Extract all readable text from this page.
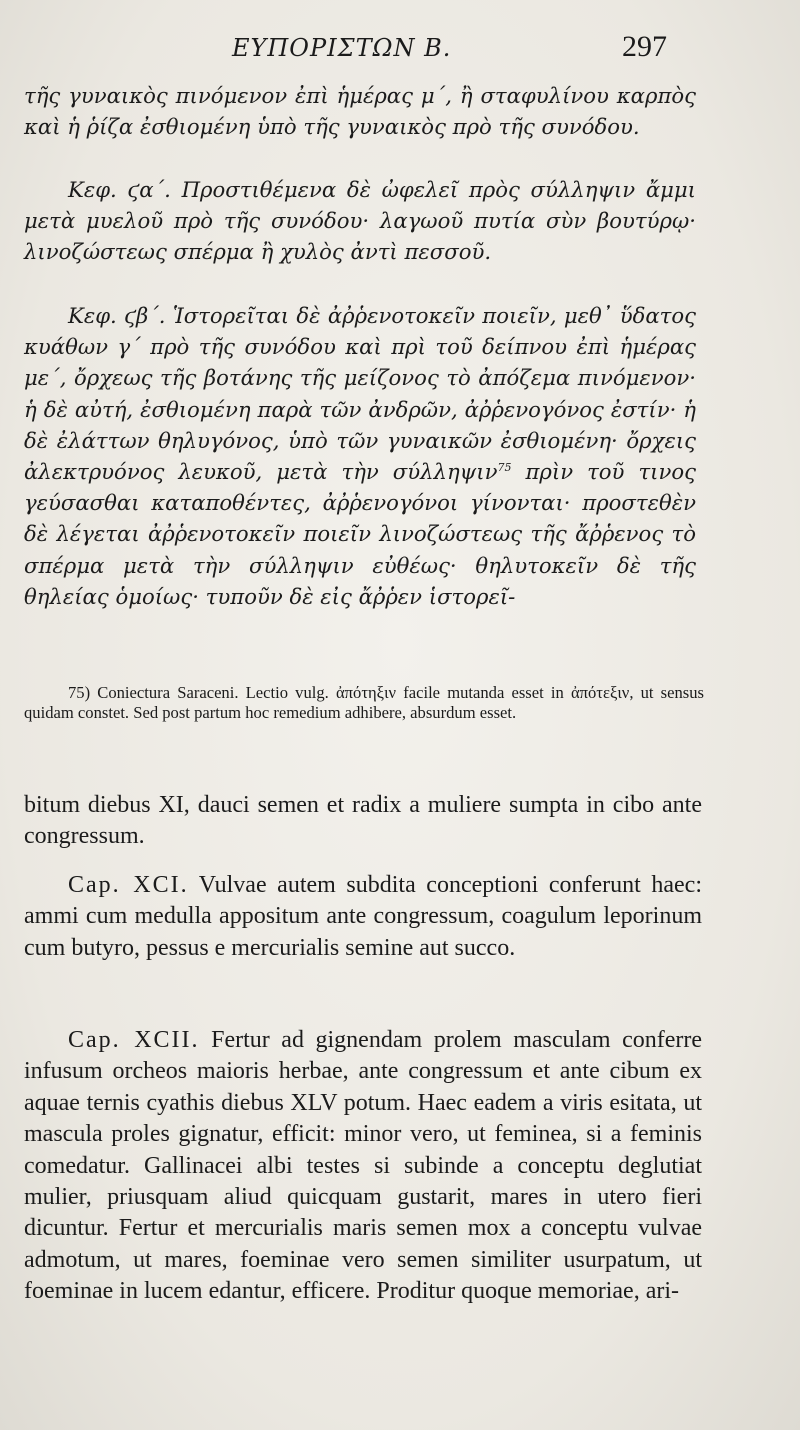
ΕΥΠΟΡΙΣΤΩΝ Β.	297
τῆς γυναικὸς πινόμενον ἐπὶ ἡμέρας μ΄, ἢ σταφυλίνου καρπὸς καὶ ἡ ῥίζα ἐσθιομένη ὑπὸ τῆς γυναικὸς πρὸ τῆς συνόδου.
Κεφ. ϛα΄. Προστιθέμενα δὲ ὠφελεῖ πρὸς σύλληψιν ἄμμι μετὰ μυελοῦ πρὸ τῆς συνόδου· λαγωοῦ πυτία σὺν βουτύρῳ· λινοζώστεως σπέρμα ἢ χυλὸς ἀντὶ πεσσοῦ.
Κεφ. ϛβ΄. Ἱστορεῖται δὲ ἀῤῥενοτοκεῖν ποιεῖν, μεθ᾽ ὕδατος κυάθων γ΄ πρὸ τῆς συνόδου καὶ πρὶ τοῦ δείπνου ἐπὶ ἡμέρας με΄, ὄρχεως τῆς βοτάνης τῆς μείζονος τὸ ἀπόζεμα πινόμενον· ἡ δὲ αὐτή, ἐσθιομένη παρὰ τῶν ἀνδρῶν, ἀῤῥενογόνος ἐστίν· ἡ δὲ ἐλάττων θηλυγόνος, ὑπὸ τῶν γυναικῶν ἐσθιομένη· ὄρχεις ἀλεκτρυόνος λευκοῦ, μετὰ τὴν σύλληψιν$^{75}$ πρὶν τοῦ τινος γεύσασθαι καταποθέντες, ἀῤῥενογόνοι γίνονται· προστεθὲν δὲ λέγεται ἀῤῥενοτοκεῖν ποιεῖν λινοζώστεως τῆς ἄῤῥενος τὸ σπέρμα μετὰ τὴν σύλληψιν εὐθέως· θηλυτοκεῖν δὲ τῆς θηλείας ὁμοίως· τυποῦν δὲ εἰς ἄῤῥεν ἱστορεῖ-
75) Coniectura Saraceni. Lectio vulg. ἀπότηξιν facile mutanda esset in ἀπότεξιν, ut sensus quidam constet. Sed post partum hoc remedium adhibere, absurdum esset.
bitum diebus XI, dauci semen et radix a muliere sumpta in cibo ante congressum.
Cap. XCI. Vulvae autem subdita conceptioni conferunt haec: ammi cum medulla appositum ante congressum, coagulum leporinum cum butyro, pessus e mercurialis semine aut succo.
Cap. XCII. Fertur ad gignendam prolem masculam conferre infusum orcheos maioris herbae, ante congressum et ante cibum ex aquae ternis cyathis diebus XLV potum. Haec eadem a viris esitata, ut mascula proles gignatur, efficit: minor vero, ut feminea, si a feminis comedatur. Gallinacei albi testes si subinde a conceptu deglutiat mulier, priusquam aliud quicquam gustarit, mares in utero fieri dicuntur. Fertur et mercurialis maris semen mox a conceptu vulvae admotum, ut mares, foeminae vero semen similiter usurpatum, ut foeminae in lucem edantur, efficere. Proditur quoque memoriae, ari-
